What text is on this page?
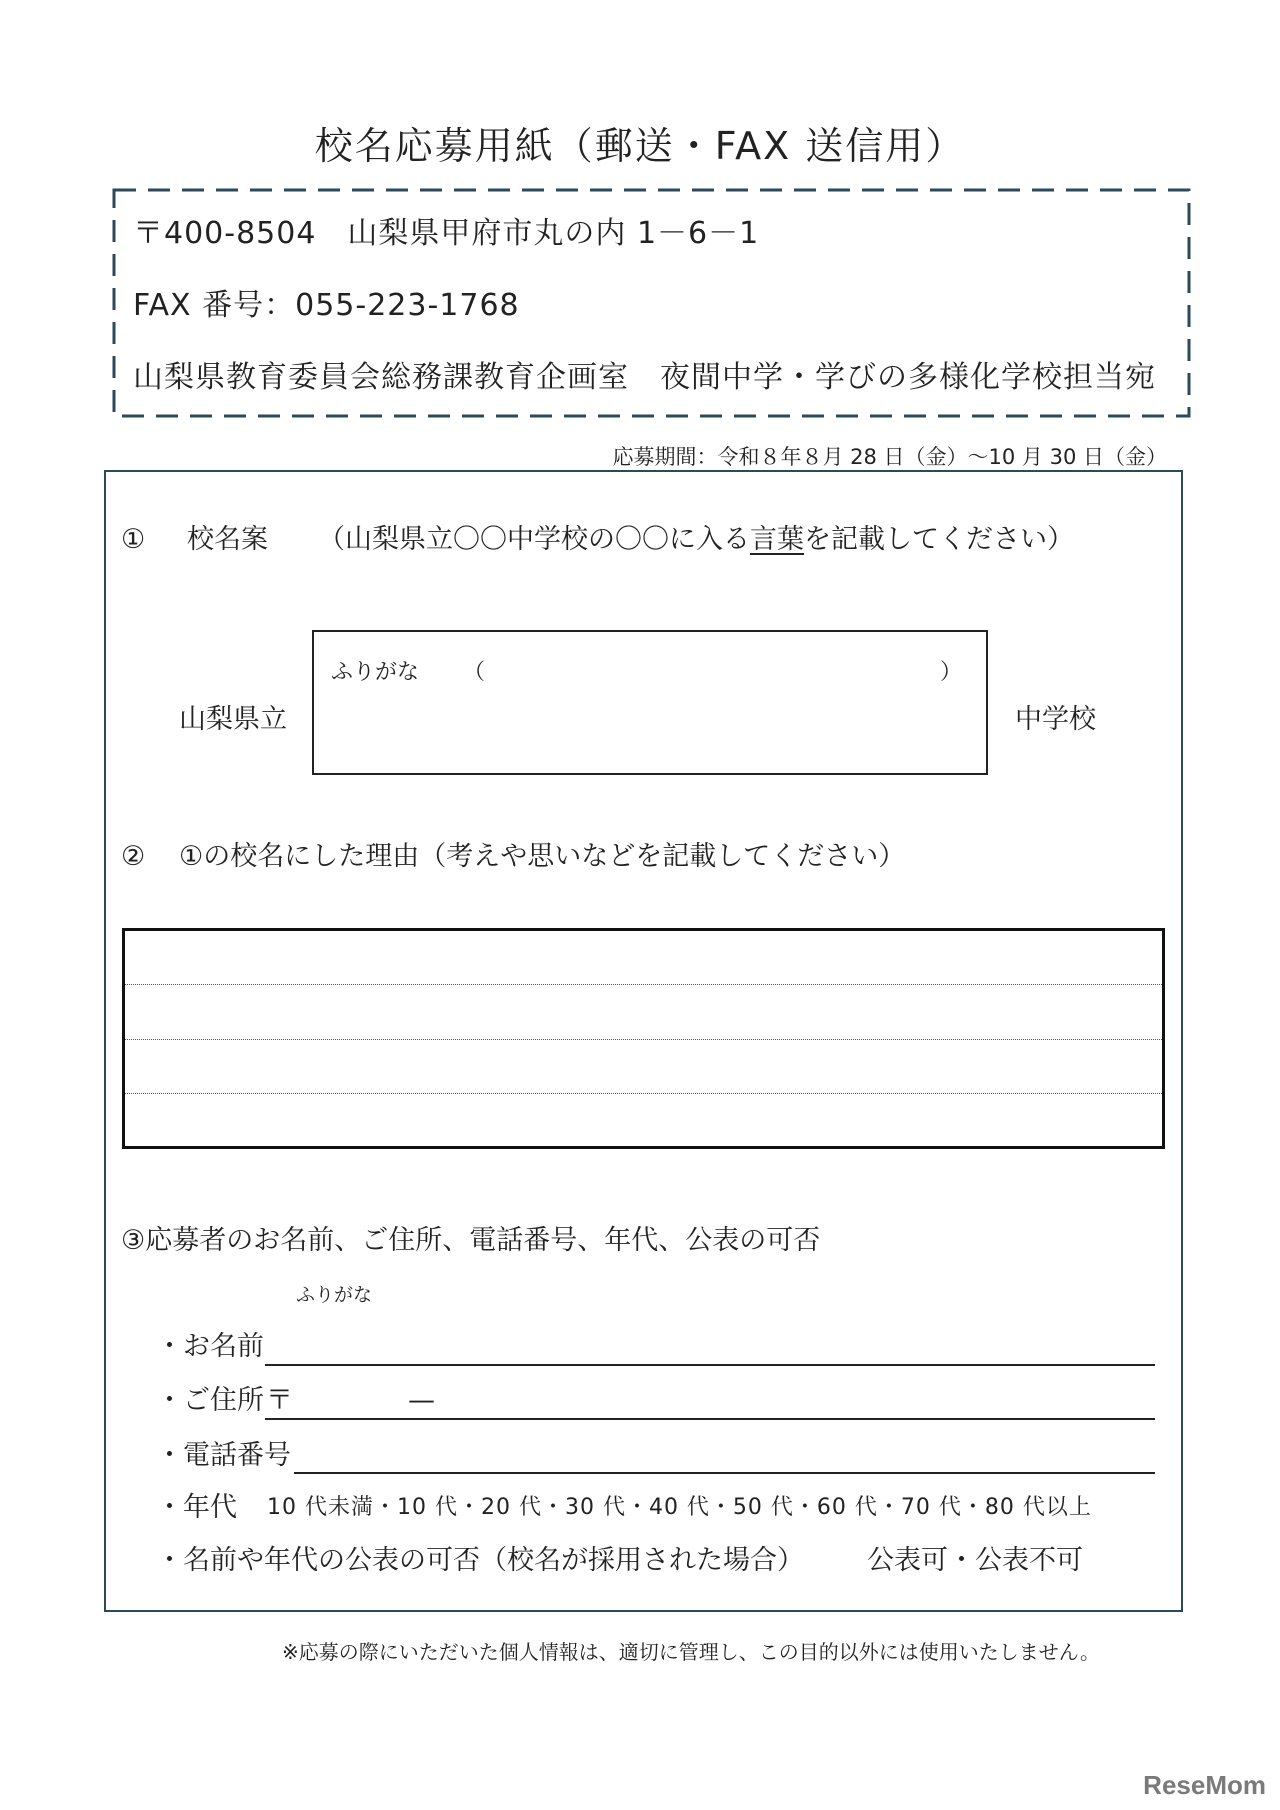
校名応募用紙（郵送・FAX 送信用）
〒400-8504　山梨県甲府市丸の内 1－6－1
FAX 番号：055-223-1768
山梨県教育委員会総務課教育企画室　夜間中学・学びの多様化学校担当宛
応募期間：令和８年８月 28 日（金）～10 月 30 日（金）
① 校名案 （山梨県立〇〇中学校の〇〇に入る言葉を記載してください）
ふりがな （	）
山梨県立	中学校
② ①の校名にした理由（考えや思いなどを記載してください）
③応募者のお名前、ご住所、電話番号、年代、公表の可否
ふりがな
・お名前
・ご住所 〒	—
・電話番号
・年代 10 代未満・10 代・20 代・30 代・40 代・50 代・60 代・70 代・80 代以上
・名前や年代の公表の可否（校名が採用された場合） 公表可・公表不可
※応募の際にいただいた個人情報は、適切に管理し、この目的以外には使用いたしません。
ReseMom
